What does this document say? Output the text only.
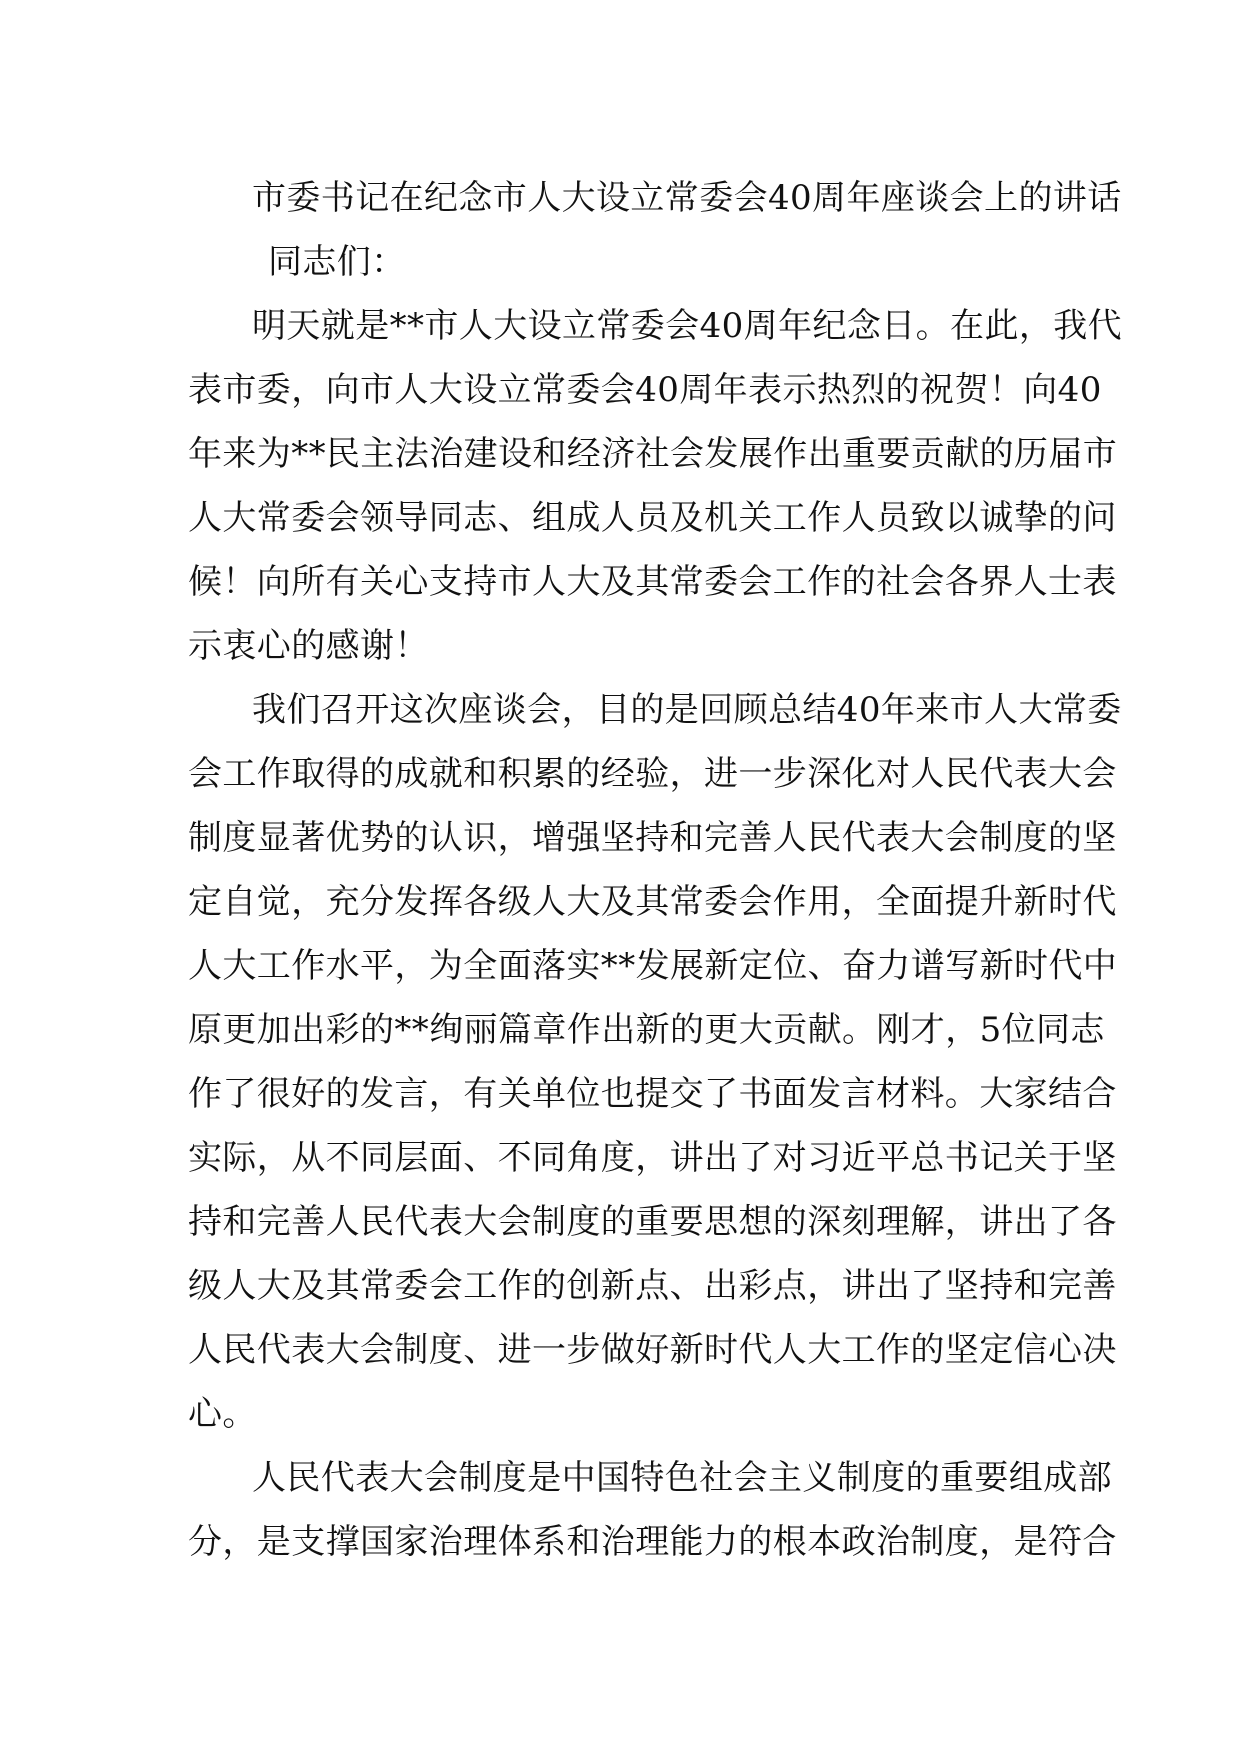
市委书记在纪念市人大设立常委会40周年座谈会上的讲话
同志们：
明天就是**市人大设立常委会40周年纪念日。在此，我代
表市委，向市人大设立常委会40周年表示热烈的祝贺！向40
年来为**民主法治建设和经济社会发展作出重要贡献的历届市
人大常委会领导同志、组成人员及机关工作人员致以诚挚的问
候！向所有关心支持市人大及其常委会工作的社会各界人士表
示衷心的感谢！
我们召开这次座谈会，目的是回顾总结40年来市人大常委
会工作取得的成就和积累的经验，进一步深化对人民代表大会
制度显著优势的认识，增强坚持和完善人民代表大会制度的坚
定自觉，充分发挥各级人大及其常委会作用，全面提升新时代
人大工作水平，为全面落实**发展新定位、奋力谱写新时代中
原更加出彩的**绚丽篇章作出新的更大贡献。刚才，5位同志
作了很好的发言，有关单位也提交了书面发言材料。大家结合
实际，从不同层面、不同角度，讲出了对习近平总书记关于坚
持和完善人民代表大会制度的重要思想的深刻理解，讲出了各
级人大及其常委会工作的创新点、出彩点，讲出了坚持和完善
人民代表大会制度、进一步做好新时代人大工作的坚定信心决
心。
人民代表大会制度是中国特色社会主义制度的重要组成部
分，是支撑国家治理体系和治理能力的根本政治制度，是符合
